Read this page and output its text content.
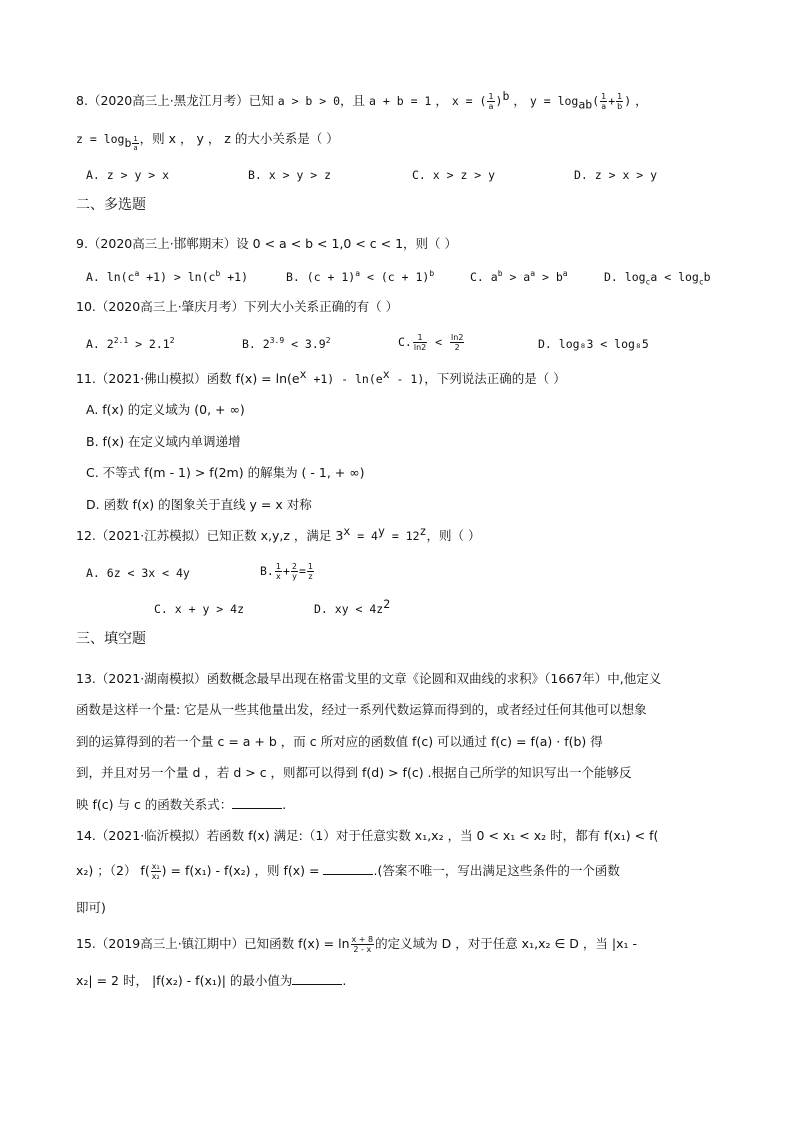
8.（2020高三上·黑龙江月考）已知 a > b > 0，且 a + b = 1 ， x = ( $\frac{1}{a} )^b$ ， $y = \log_{ab}( \frac{1}{a} + \frac{1}{b}$ ) ，
$z = \log_{b \frac{1}{a}}$ ，则 x ， y ， z 的大小关系是（ ）
A. z > y > x	B. x > y > z	C. x > z > y	D. z > x > y
二、多选题
9.（2020高三上·邯郸期末）设 0 < a < b < 1,0 < c < 1，则（ ）
A. $\ln(c^a +1) > \ln(c^b +1)$	B. $(c + 1)^a < (c + 1)^b$	C. $a^b > a^a > b^a$	D. $\log_ca < \log_cb$
10.（2020高三上·肇庆月考）下列大小关系正确的有（ ）
A. $2^{2.1} > 2.1^2$	B. $2^{3.9} < 3.9^2$	C. $\frac{1}{\ln 2} < \frac{\ln 2}{2}$	D. log₈3 < log₈5
11.（2021·佛山模拟）函数 $f(x) = \ln(e^x +1) - \ln(e^x - 1)$，下列说法正确的是（ ）
A. f(x) 的定义域为 (0, + ∞)
B. f(x) 在定义域内单调递增
C. 不等式 f(m - 1) > f(2m) 的解集为 ( - 1, + ∞)
D. 函数 f(x) 的图象关于直线 y = x 对称
12.（2021·江苏模拟）已知正数 x,y,z ，满足 $3^x = 4^y = 12^z$，则（ ）
A. 6z < 3x < 4y	B. $\frac{1}{x} + \frac{2}{y} = \frac{1}{z}$
C. x + y > 4z	D. xy < $4z^2$
三、填空题
13.（2021·湖南模拟）函数概念最早出现在格雷戈里的文章《论圆和双曲线的求积》（1667年）中,他定义
函数是这样一个量: 它是从一些其他量出发，经过一系列代数运算而得到的，或者经过任何其他可以想象
到的运算得到的若一个量 c = a + b ，而 c 所对应的函数值 f(c) 可以通过 f(c) = f(a) · f(b) 得
到，并且对另一个量 d ，若 d > c ，则都可以得到 f(d) > f(c) .根据自己所学的知识写出一个能够反
映 f(c) 与 c 的函数关系式：	.
14.（2021·临沂模拟）若函数 f(x) 满足:（1）对于任意实数 x₁,x₂ ，当 0 < x₁ < x₂ 时，都有 f(x₁) < f(
x₂) ；（2） $f( \frac{\text{x₁}}{\text{x₂}}$ ) = f(x₁) - f(x₂) ，则 f(x) =	.(答案不唯一，写出满足这些条件的一个函数
即可)
15.（2019高三上·镇江期中）已知函数 $f(x) = \ln \frac{x + 8}{2 - x}$ 的定义域为 D ，对于任意 x₁,x₂ ∈ D ，当 |x₁ -
x₂| = 2 时， |f(x₂) - f(x₁)| 的最小值为	.
